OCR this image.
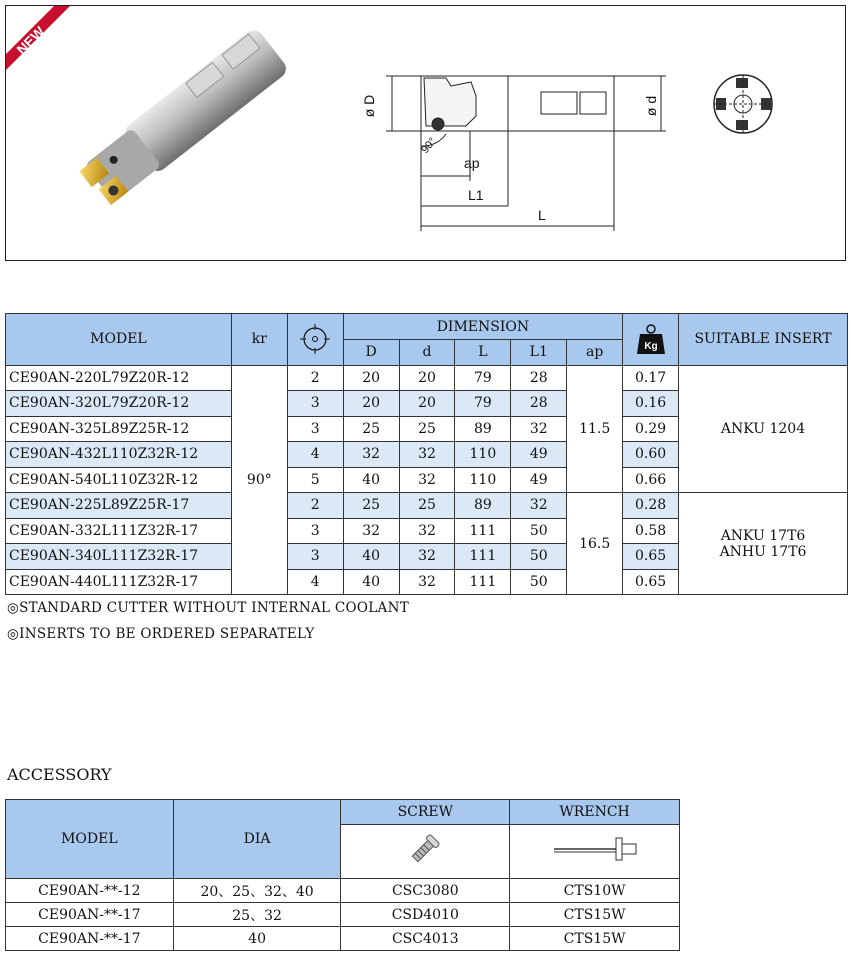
NEW
ø D	ø d
90°
ap
L1
L
MODEL	kr		DIMENSION					Kg	SUITABLE INSERT
			D	d	L	L1	ap		
CE90AN-220L79Z20R-12	90°	2	20	20	79	28	11.5	0.17	ANKU 1204
CE90AN-320L79Z20R-12		3	20	20	79	28		0.16	
CE90AN-325L89Z25R-12		3	25	25	89	32		0.29	
CE90AN-432L110Z32R-12		4	32	32	110	49		0.60	
CE90AN-540L110Z32R-12		5	40	32	110	49		0.66	
CE90AN-225L89Z25R-17		2	25	25	89	32	16.5	0.28	ANKU 17T6
ANHU 17T6

CE90AN-332L111Z32R-17		3	32	32	111	50		0.58	
CE90AN-340L111Z32R-17		3	40	32	111	50		0.65	
CE90AN-440L111Z32R-17		4	40	32	111	50		0.65	
◎STANDARD CUTTER WITHOUT INTERNAL COOLANT
◎INSERTS TO BE ORDERED SEPARATELY
ACCESSORY
MODEL	DIA	SCREW	WRENCH

CE90AN-**-12	20、25、32、40	CSC3080	CTS10W
CE90AN-**-17	25、32	CSD4010	CTS15W
CE90AN-**-17	40	CSC4013	CTS15W
